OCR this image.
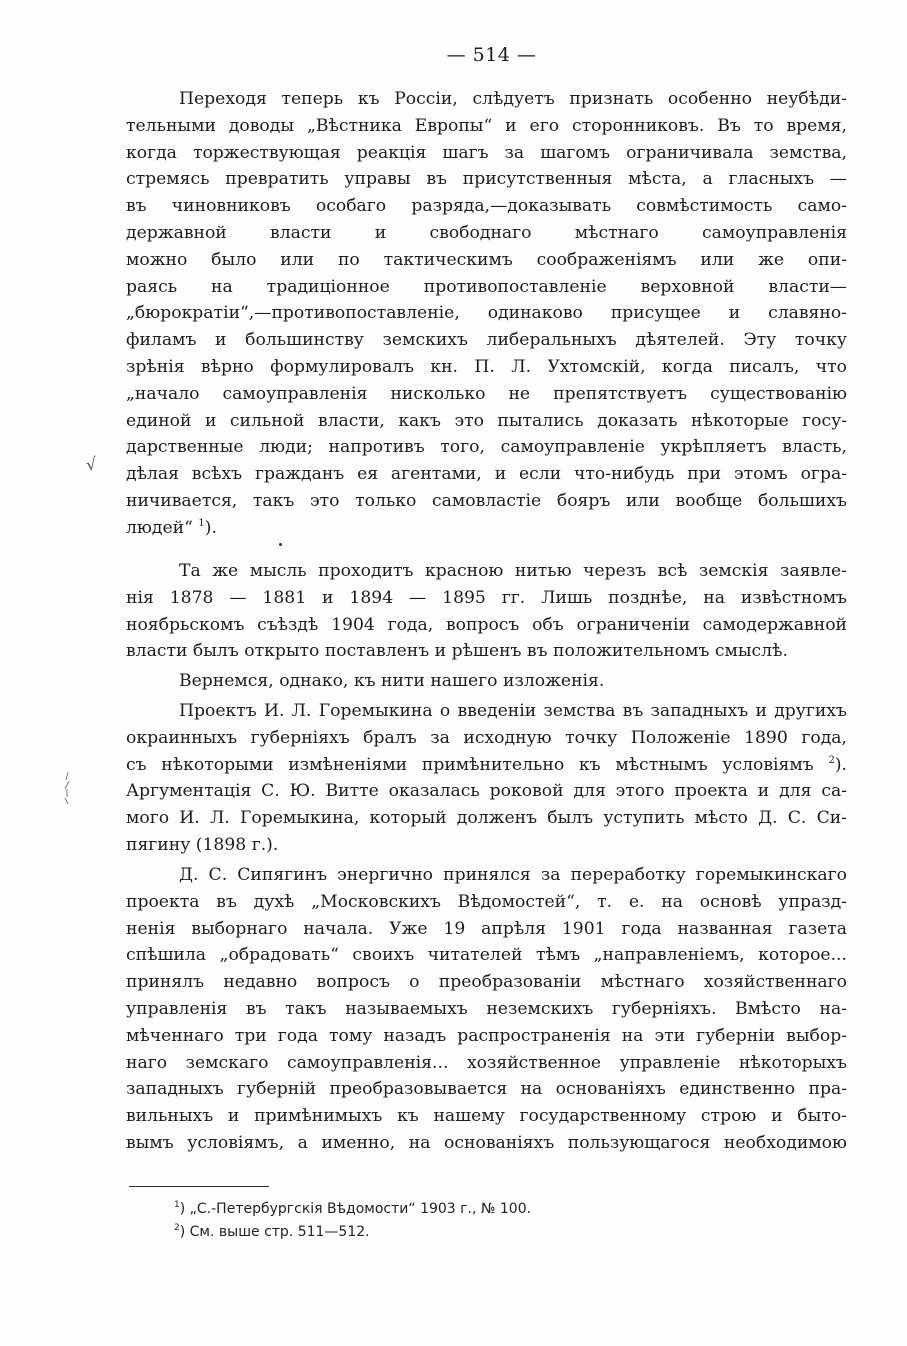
— 514 —
√
Переходя теперь къ Россіи, слѣдуетъ признать особенно неубѣди-
тельными доводы „Вѣстника Европы“ и его сторонниковъ. Въ то время,
когда торжествующая реакція шагъ за шагомъ ограничивала земства,
стремясь превратить управы въ присутственныя мѣста, а гласныхъ —
въ чиновниковъ особаго разряда,—доказывать совмѣстимость само-
державной власти и свободнаго мѣстнаго самоуправленія
можно было или по тактическимъ соображеніямъ или же опи-
раясь на традиціонное противопоставленіе верховной власти—
„бюрократіи“,—противопоставленіе, одинаково присущее и славяно-
филамъ и большинству земскихъ либеральныхъ дѣятелей. Эту точку
зрѣнія вѣрно формулировалъ кн. П. Л. Ухтомскій, когда писалъ, что
„начало самоуправленія нисколько не препятствуетъ существованію
единой и сильной власти, какъ это пытались доказать нѣкоторые госу-
дарственные люди; напротивъ того, самоуправленіе укрѣпляетъ власть,
дѣлая всѣхъ гражданъ ея агентами, и если что-нибудь при этомъ огра-
ничивается, такъ это только самовластіе бояръ или вообще большихъ
людей“ $^1$).
Та же мысль проходитъ красною нитью черезъ всѣ земскія заявле-
нія 1878 — 1881 и 1894 — 1895 гг. Лишь позднѣе, на извѣстномъ
ноябрьскомъ съѣздѣ 1904 года, вопросъ объ ограниченіи самодержавной
власти былъ открыто поставленъ и рѣшенъ въ положительномъ смыслѣ.
Вернемся, однако, къ нити нашего изложенія.
Проектъ И. Л. Горемыкина о введеніи земства въ западныхъ и другихъ
окраинныхъ губерніяхъ бралъ за исходную точку Положеніе 1890 года,
съ нѣкоторыми измѣненіями примѣнительно къ мѣстнымъ условіямъ $^2$).
Аргументація С. Ю. Витте оказалась роковой для этого проекта и для са-
мого И. Л. Горемыкина, который долженъ былъ уступить мѣсто Д. С. Си-
пягину (1898 г.).
Д. С. Сипягинъ энергично принялся за переработку горемыкинскаго
проекта въ духѣ „Московскихъ Вѣдомостей“, т. е. на основѣ упразд-
ненія выборнаго начала. Уже 19 апрѣля 1901 года названная газета
спѣшила „обрадовать“ своихъ читателей тѣмъ „направленіемъ, которое...
принялъ недавно вопросъ о преобразованіи мѣстнаго хозяйственнаго
управленія въ такъ называемыхъ неземскихъ губерніяхъ. Вмѣсто на-
мѣченнаго три года тому назадъ распространенія на эти губерніи выбор-
наго земскаго самоуправленія... хозяйственное управленіе нѣкоторыхъ
западныхъ губерній преобразовывается на основаніяхъ единственно пра-
вильныхъ и примѣнимыхъ къ нашему государственному строю и быто-
вымъ условіямъ, а именно, на основаніяхъ пользующагося необходимою
$^1$) „С.-Петербургскія Вѣдомости“ 1903 г., № 100.
$^2$) См. выше стр. 511—512.
